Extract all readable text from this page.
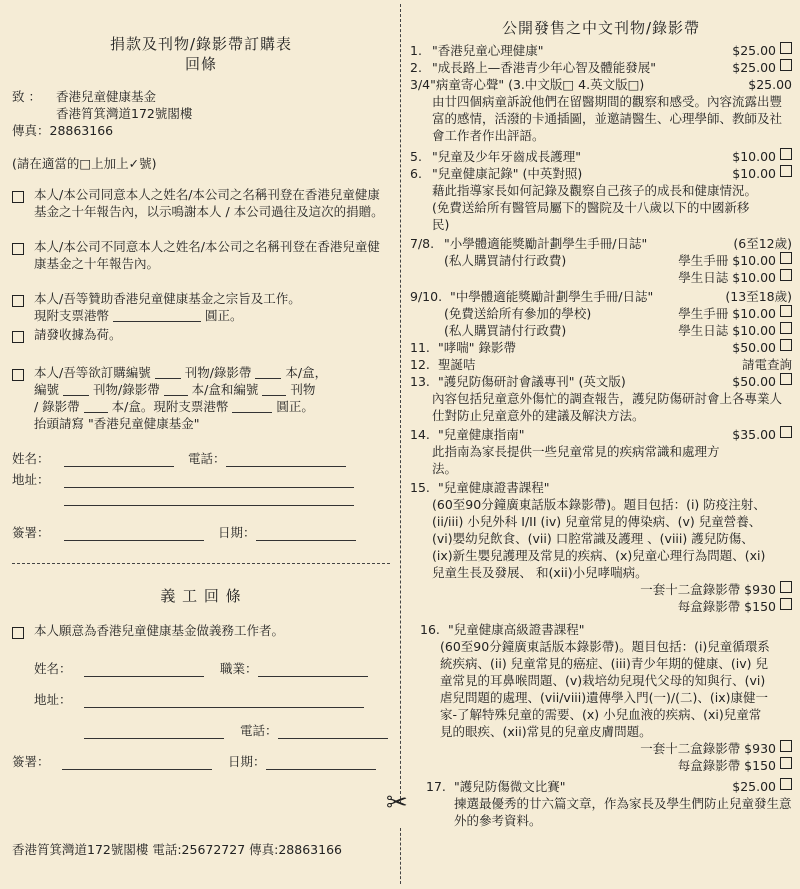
捐款及刊物/錄影帶訂購表
回條
致 ：	香港兒童健康基金
香港筲箕灣道172號閣樓
傳真：28863166
(請在適當的□上加上✓號)
本人/本公司同意本人之姓名/本公司之名稱刊登在香港兒童健康基金之十年報告內，以示鳴謝本人 / 本公司過往及這次的捐贈。
本人/本公司不同意本人之姓名/本公司之名稱刊登在香港兒童健康基金之十年報告內。
本人/吾等贊助香港兒童健康基金之宗旨及工作。
現附支票港幣	圓正。
請發收據為荷。
本人/吾等欲訂購編號	刊物/錄影帶	本/盒，
編號	刊物/錄影帶	本/盒和編號	刊物
/ 錄影帶	本/盒。現附支票港幣	圓正。
抬頭請寫 "香港兒童健康基金"
姓名：	電話：
地址：
簽署：	日期：
義 工 回 條
本人願意為香港兒童健康基金做義務工作者。
姓名：	職業：
地址：
電話：
簽署：	日期：
香港筲箕灣道172號閣樓 電話:25672727 傳真:28863166
✂
公開發售之中文刊物/錄影帶
1. "香港兒童心理健康"	$25.00
2. "成長路上—香港青少年心智及體能發展"	$25.00
3/4" 病童寄心聲" (3.中文版□ 4.英文版□)	$25.00
由廿四個病童訴說他們在留醫期間的觀察和感受。內容流露出豐富的感情，活潑的卡通插圖，並邀請醫生、心理學師、教師及社會工作者作出評語。
5. "兒童及少年牙齒成長護理"	$10.00
6. "兒童健康記錄" (中英對照)	$10.00
藉此指導家長如何記錄及觀察自己孩子的成長和健康情況。(免費送給所有醫管局屬下的醫院及十八歲以下的中國新移民)
7/8. "小學體適能獎勵計劃學生手冊/日誌"	(6至12歲)
(私人購買請付行政費)	學生手冊 $10.00
學生日誌 $10.00
9/10. "中學體適能獎勵計劃學生手冊/日誌"	(13至18歲)
(免費送給所有參加的學校)	學生手冊 $10.00
(私人購買請付行政費)	學生日誌 $10.00
11. "哮喘" 錄影帶	$50.00
12. 聖誕咭	請電查詢
13. "護兒防傷研討會議專刊" (英文版)	$50.00
內容包括兒童意外傷忙的調查報告，護兒防傷研討會上各專業人仕對防止兒童意外的建議及解決方法。
14. "兒童健康指南"	$35.00
此指南為家長提供一些兒童常見的疾病常識和處理方法。
15. "兒童健康證書課程"
(60至90分鐘廣東話版本錄影帶)。題目包括：(i) 防疫注射、(ii/iii) 小兒外科 I/II (iv) 兒童常見的傳染病、(v) 兒童營養、(vi)嬰幼兒飲食、(vii) 口腔常識及護理 、(viii) 護兒防傷、(ix)新生嬰兒護理及常見的疾病、(x)兒童心理行為問題、(xi)兒童生長及發展、 和(xii)小兒哮喘病。
一套十二盒錄影帶 $930
每盒錄影帶 $150
16. "兒童健康高級證書課程"
(60至90分鐘廣東話版本錄影帶)。題目包括：(i)兒童循環系統疾病、(ii) 兒童常見的癌症、(iii)青少年期的健康、(iv) 兒童常見的耳鼻喉問題、(v)栽培幼兒現代父母的知與行、(vi)虐兒問題的處理、(vii/viii)遺傳學入門(一)/(二)、(ix)康健一家-了解特殊兒童的需要、(x) 小兒血液的疾病、(xi)兒童常見的眼疾、(xii)常見的兒童皮膚問題。
一套十二盒錄影帶 $930
每盒錄影帶 $150
17. "護兒防傷微文比賽"	$25.00
揀選最優秀的廿六篇文章，作為家長及學生們防止兒童發生意外的參考資料。
